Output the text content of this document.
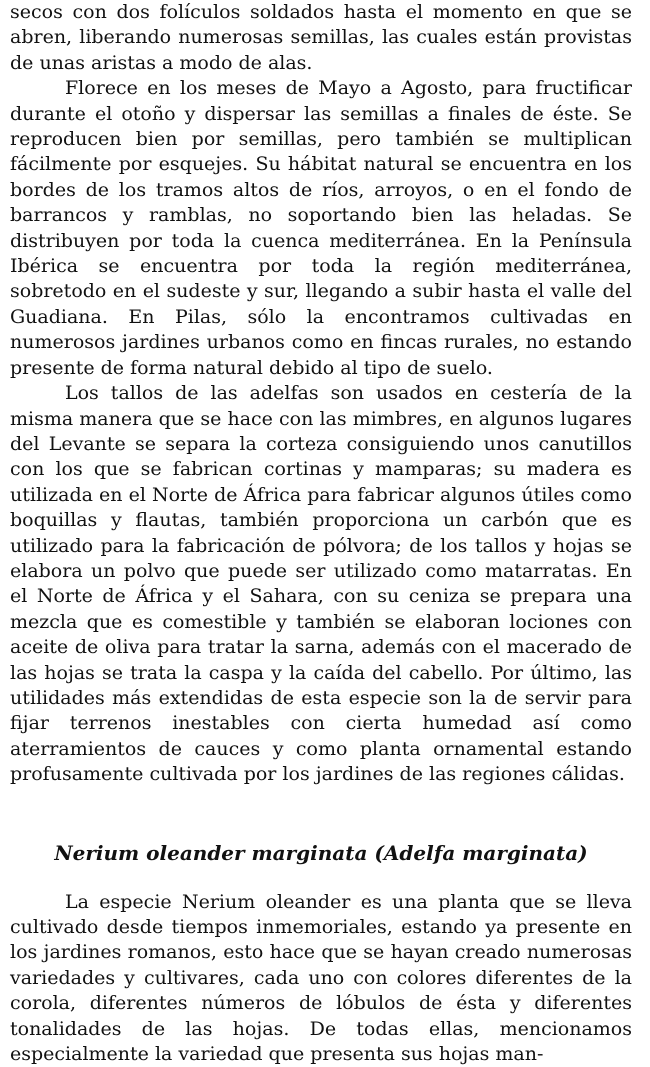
secos con dos folículos soldados hasta el momento en que se abren, liberando numerosas semillas, las cuales están provistas de unas aristas a modo de alas.

Florece en los meses de Mayo a Agosto, para fructificar durante el otoño y dispersar las semillas a finales de éste. Se reproducen bien por semillas, pero también se multiplican fácilmente por esquejes. Su hábitat natural se encuentra en los bordes de los tramos altos de ríos, arroyos, o en el fondo de barrancos y ramblas, no soportando bien las heladas. Se distribuyen por toda la cuenca mediterránea. En la Península Ibérica se encuentra por toda la región mediterránea, sobretodo en el sudeste y sur, llegando a subir hasta el valle del Guadiana. En Pilas, sólo la encontramos cultivadas en numerosos jardines urbanos como en fincas rurales, no estando presente de forma natural debido al tipo de suelo.

Los tallos de las adelfas son usados en cestería de la misma manera que se hace con las mimbres, en algunos lugares del Levante se separa la corteza consiguiendo unos canutillos con los que se fabrican cortinas y mamparas; su madera es utilizada en el Norte de África para fabricar algunos útiles como boquillas y flautas, también proporciona un carbón que es utilizado para la fabricación de pólvora; de los tallos y hojas se elabora un polvo que puede ser utilizado como matarratas. En el Norte de África y el Sahara, con su ceniza se prepara una mezcla que es comestible y también se elaboran lociones con aceite de oliva para tratar la sarna, además con el macerado de las hojas se trata la caspa y la caída del cabello. Por último, las utilidades más extendidas de esta especie son la de servir para fijar terrenos inestables con cierta humedad así como aterramientos de cauces y como planta ornamental estando profusamente cultivada por los jardines de las regiones cálidas.

Nerium oleander marginata (Adelfa marginata)

La especie Nerium oleander es una planta que se lleva cultivado desde tiempos inmemoriales, estando ya presente en los jardines romanos, esto hace que se hayan creado numerosas variedades y cultivares, cada uno con colores diferentes de la corola, diferentes números de lóbulos de ésta y diferentes tonalidades de las hojas. De todas ellas, mencionamos especialmente la variedad que presenta sus hojas man-
